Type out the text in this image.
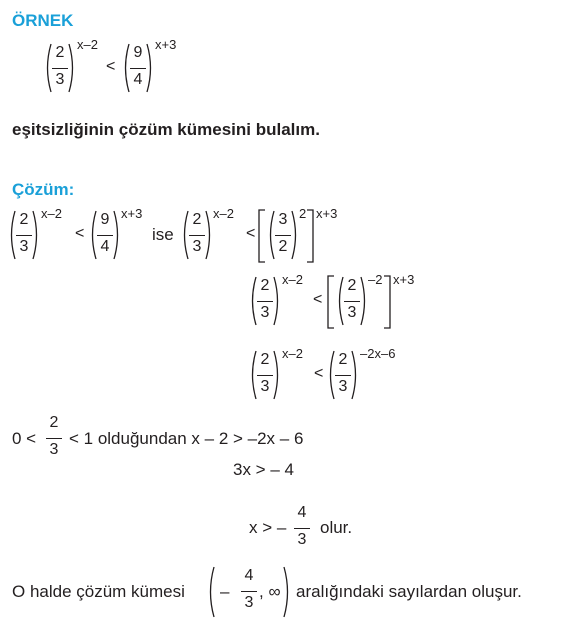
ÖRNEK
2
3
x–2
<
9
4
x+3
eşitsizliğinin çözüm kümesini bulalım.
Çözüm:
2
3
x–2
<
9
4
x+3
ise
2
3
x–2
<
3
2
2 x+3
2
3
x–2
<
2
3
–2 x+3
2
3
x–2
<
2
3
–2x–6
0 <
2
3
< 1 olduğundan x – 2 > –2x – 6
3x > – 4
x > –
4
3
olur.
O halde çözüm kümesi –
4
3
, ∞ aralığındaki sayılardan oluşur.
